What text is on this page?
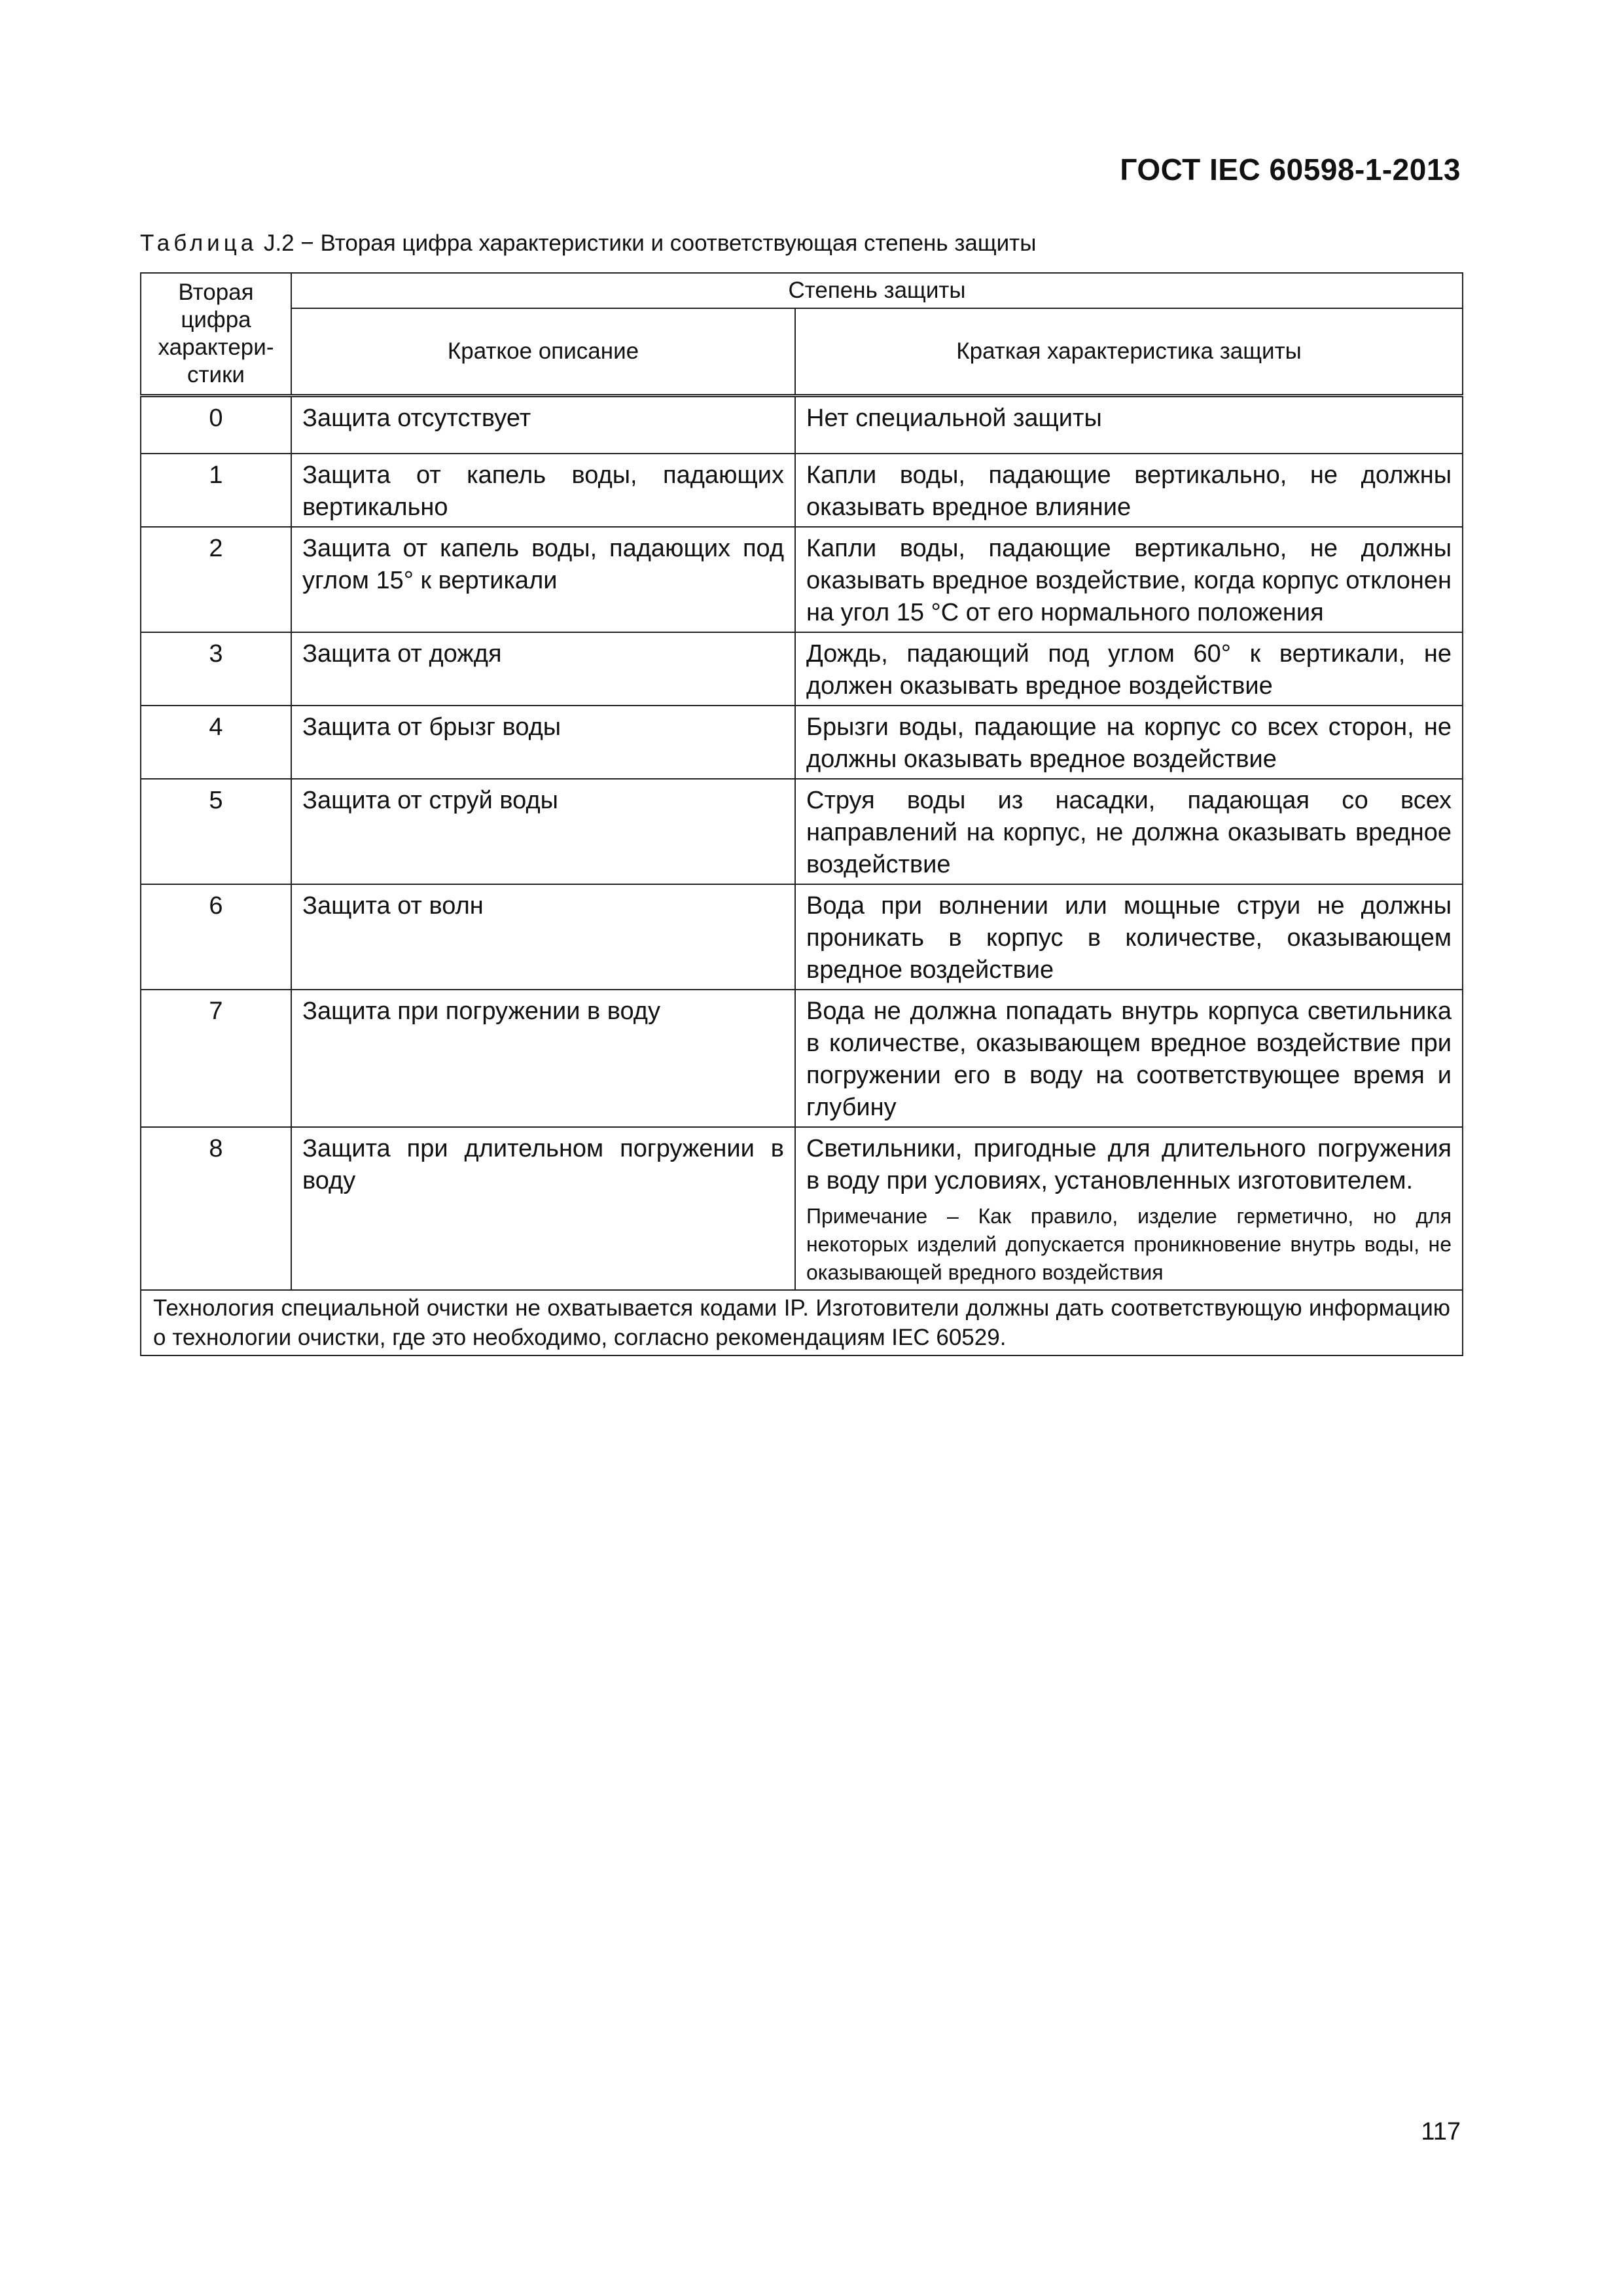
ГОСТ IEC 60598-1-2013
Таблица J.2 − Вторая цифра характеристики и соответствующая степень защиты
Вторая
цифра
характери-
стики	Степень защиты	
	Краткое описание	Краткая характеристика защиты
0	Защита отсутствует	Нет специальной защиты
1	Защита от капель воды, падающих вертикально	Капли воды, падающие вертикально, не должны оказывать вредное влияние
2	Защита от капель воды, падающих под углом 15° к вертикали	Капли воды, падающие вертикально, не должны оказывать вредное воздействие, когда корпус отклонен на угол 15 °С от его нормального положения
3	Защита от дождя	Дождь, падающий под углом 60° к вертикали, не должен оказывать вредное воздействие
4	Защита от брызг воды	Брызги воды, падающие на корпус со всех сторон, не должны оказывать вредное воздействие
5	Защита от струй воды	Струя воды из насадки, падающая со всех направлений на корпус, не должна оказывать вредное воздействие
6	Защита от волн	Вода при волнении или мощные струи не должны проникать в корпус в количестве, оказывающем вредное воздействие
7	Защита при погружении в воду	Вода не должна попадать внутрь корпуса светильника в количестве, оказывающем вредное воздействие при погружении его в воду на соответствующее время и глубину
8	Защита при длительном погружении в воду	Светильники, пригодные для длительного погружения в воду при условиях, установленных изготовителем.
Примечание – Как правило, изделие герметично, но для некоторых изделий допускается проникновение внутрь воды, не оказывающей вредного воздействия

Технология специальной очистки не охватывается кодами IP. Изготовители должны дать соответствующую информацию о технологии очистки, где это необходимо, согласно рекомендациям IEC 60529.		
117
